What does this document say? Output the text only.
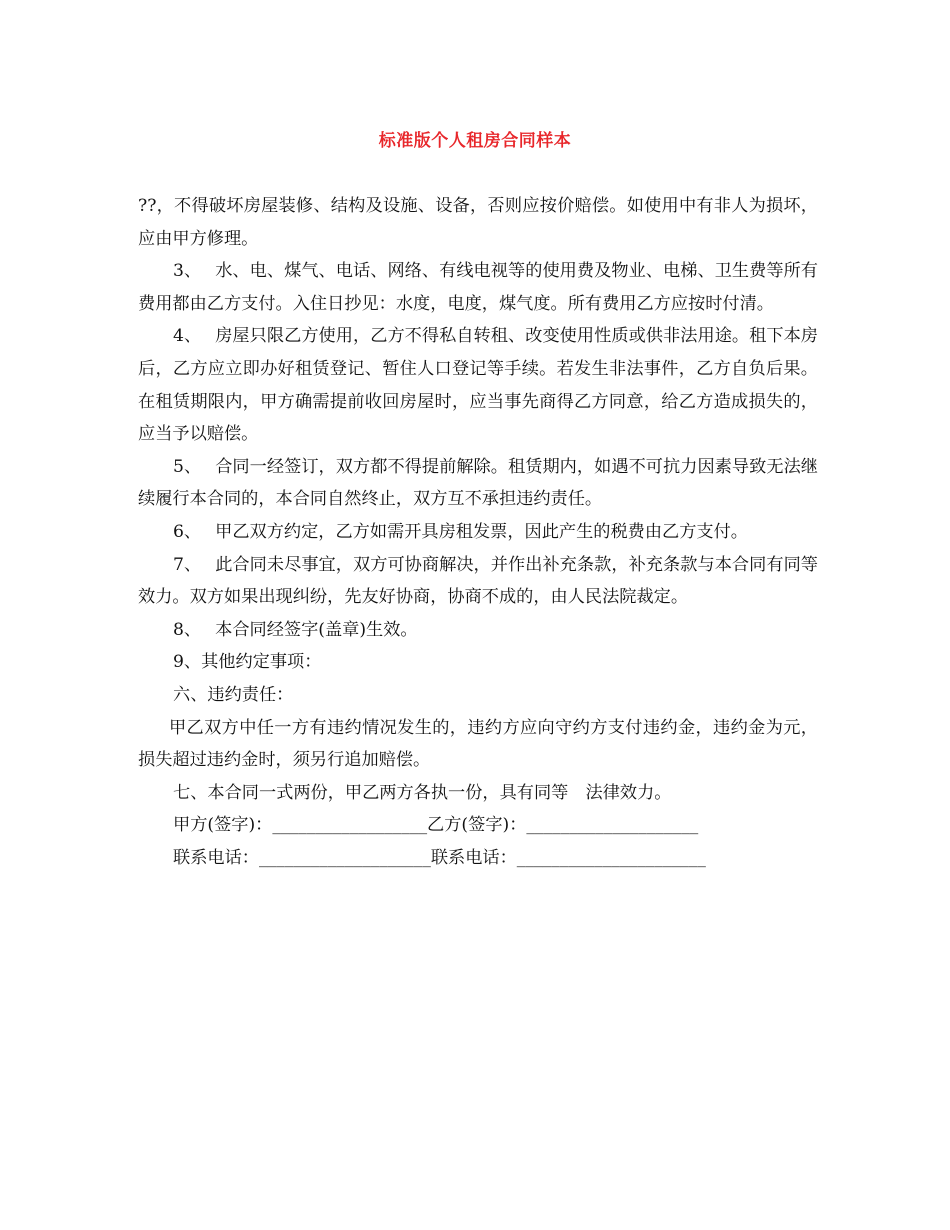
标准版个人租房合同样本

??，不得破坏房屋装修、结构及设施、设备，否则应按价赔偿。如使用中有非人为损坏，应由甲方修理。

3、 水、电、煤气、电话、网络、有线电视等的使用费及物业、电梯、卫生费等所有费用都由乙方支付。入住日抄见：水度，电度，煤气度。所有费用乙方应按时付清。

4、 房屋只限乙方使用，乙方不得私自转租、改变使用性质或供非法用途。租下本房后，乙方应立即办好租赁登记、暂住人口登记等手续。若发生非法事件，乙方自负后果。在租赁期限内，甲方确需提前收回房屋时，应当事先商得乙方同意，给乙方造成损失的，应当予以赔偿。

5、 合同一经签订，双方都不得提前解除。租赁期内，如遇不可抗力因素导致无法继续履行本合同的，本合同自然终止，双方互不承担违约责任。

6、 甲乙双方约定，乙方如需开具房租发票，因此产生的税费由乙方支付。

7、 此合同未尽事宜，双方可协商解决，并作出补充条款，补充条款与本合同有同等效力。双方如果出现纠纷，先友好协商，协商不成的，由人民法院裁定。

8、 本合同经签字(盖章)生效。

9、其他约定事项：

六、违约责任：

甲乙双方中任一方有违约情况发生的，违约方应向守约方支付违约金，违约金为元，损失超过违约金时，须另行追加赔偿。

七、本合同一式两份，甲乙两方各执一份，具有同等　法律效力。

甲方(签字)：__________________乙方(签字)：____________________

联系电话：____________________联系电话：______________________
